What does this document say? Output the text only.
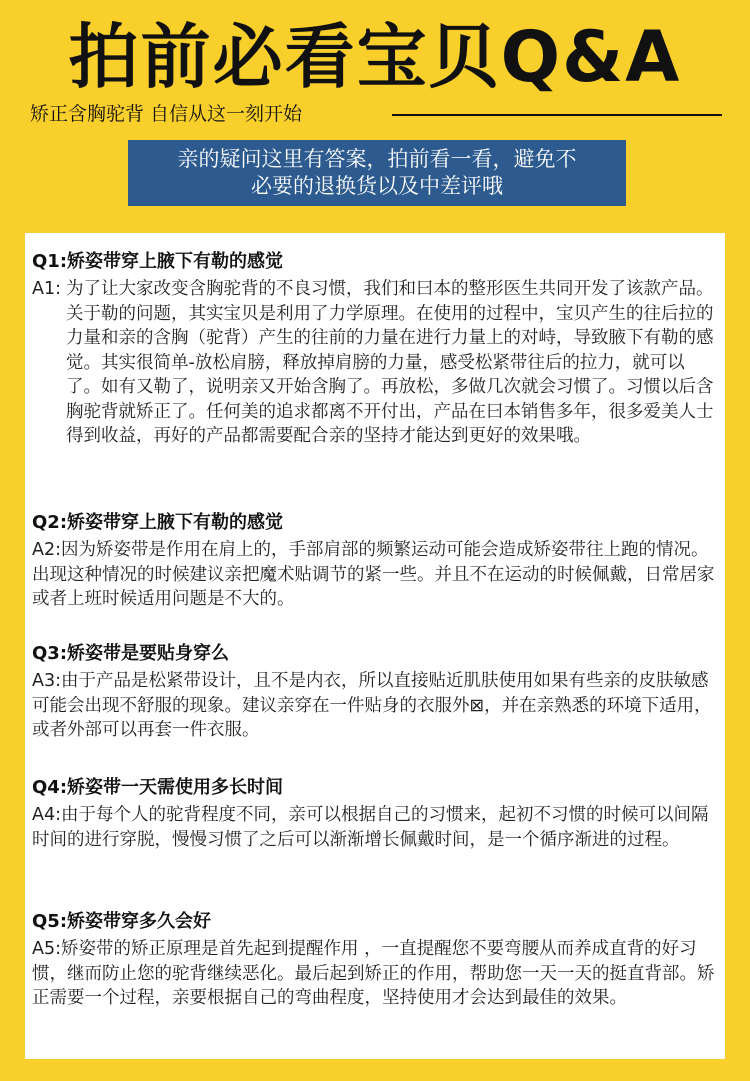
拍前必看宝贝Q&A
矫正含胸驼背 自信从这一刻开始
亲的疑问这里有答案，拍前看一看，避免不
必要的退换货以及中差评哦
Q1:矫姿带穿上腋下有勒的感觉
A1: 为了让大家改变含胸驼背的不良习惯，我们和曰本的整形医生共同开发了该款产品。关于勒的问题，其实宝贝是利用了力学原理。在使用的过程中，宝贝产生的往后拉的力量和亲的含胸（驼背）产生的往前的力量在进行力量上的对峙，导致腋下有勒的感觉。其实很简单-放松肩膀，释放掉肩膀的力量，感受松紧带往后的拉力，就可以了。如有又勒了，说明亲又开始含胸了。再放松，多做几次就会习惯了。习惯以后含胸驼背就矫正了。任何美的追求都离不开付出，产品在曰本销售多年，很多爱美人士得到收益，再好的产品都需要配合亲的坚持才能达到更好的效果哦。
Q2:矫姿带穿上腋下有勒的感觉
A2:因为矫姿带是作用在肩上的，手部肩部的频繁运动可能会造成矫姿带往上跑的情况。出现这种情况的时候建议亲把魔术贴调节的紧一些。并且不在运动的时候佩戴，日常居家或者上班时候适用问题是不大的。
Q3:矫姿带是要贴身穿么
A3:由于产品是松紧带设计，且不是内衣，所以直接贴近肌肤使用如果有些亲的皮肤敏感可能会出现不舒服的现象。建议亲穿在一件贴身的衣服外⊠，并在亲熟悉的环境下适用，或者外部可以再套一件衣服。
Q4:矫姿带一天需使用多长时间
A4:由于每个人的驼背程度不同，亲可以根据自己的习惯来，起初不习惯的时候可以间隔时间的进行穿脱，慢慢习惯了之后可以渐渐增长佩戴时间，是一个循序渐进的过程。
Q5:矫姿带穿多久会好
A5:矫姿带的矫正原理是首先起到提醒作用 ，一直提醒您不要弯腰从而养成直背的好习惯，继而防止您的驼背继续恶化。最后起到矫正的作用，帮助您一天一天的挺直背部。矫正需要一个过程，亲要根据自己的弯曲程度，坚持使用才会达到最佳的效果。
